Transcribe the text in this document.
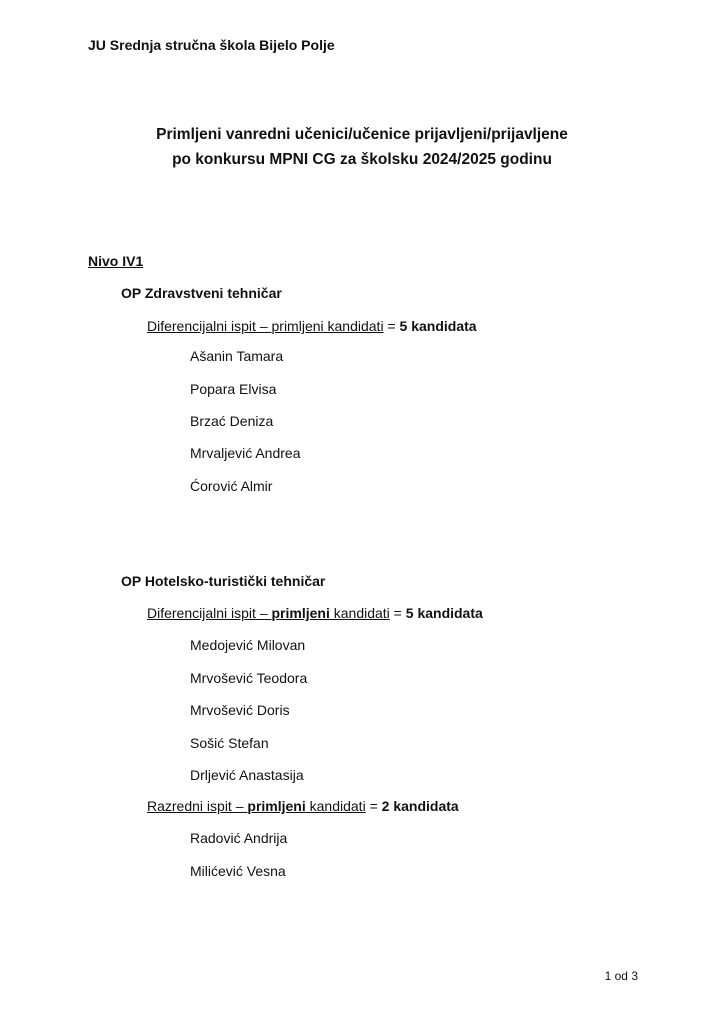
JU Srednja stručna škola Bijelo Polje
Primljeni vanredni učenici/učenice prijavljeni/prijavljene
po konkursu MPNI CG za školsku 2024/2025 godinu
Nivo IV1
OP Zdravstveni tehničar
Diferencijalni ispit – primljeni kandidati = 5 kandidata
Ašanin Tamara
Popara Elvisa
Brzać Deniza
Mrvaljević Andrea
Ćorović Almir
OP Hotelsko-turistički tehničar
Diferencijalni ispit – primljeni kandidati = 5 kandidata
Medojević Milovan
Mrvošević Teodora
Mrvošević Doris
Sošić Stefan
Drljević Anastasija
Razredni ispit – primljeni kandidati = 2 kandidata
Radović Andrija
Milićević Vesna
1 od 3
